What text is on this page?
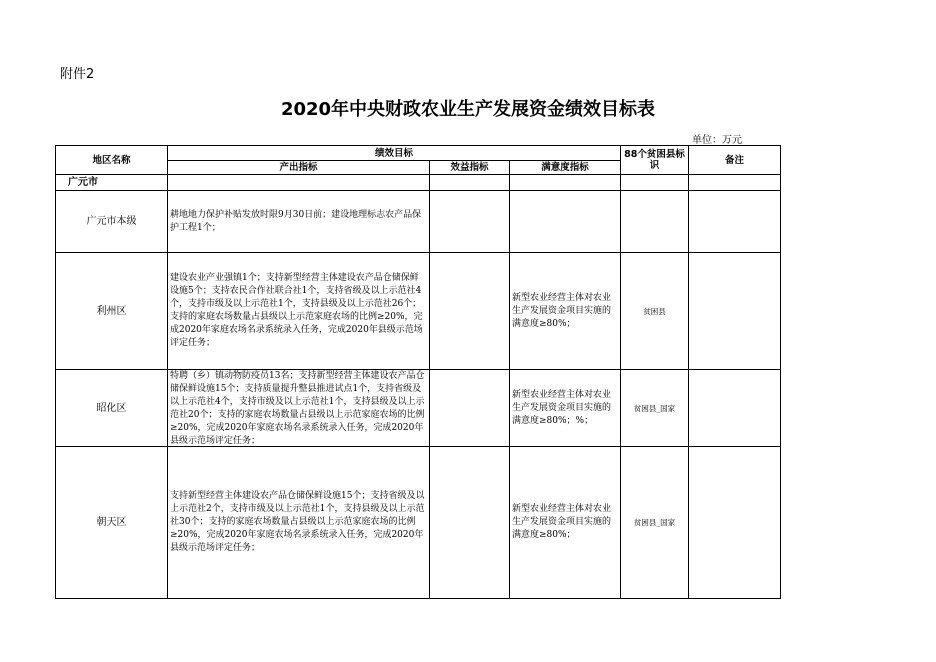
附件2
2020年中央财政农业生产发展资金绩效目标表
单位：万元
地区名称	绩效目标			88个贫困县标识	备注
	产出指标	效益指标	满意度指标		
广元市					
广元市本级	耕地地力保护补贴发放时限9月30日前；建设地理标志农产品保护工程1个；				
利州区	建设农业产业强镇1个；支持新型经营主体建设农产品仓储保鲜设施5个；支持农民合作社联合社1个，支持省级及以上示范社4个，支持市级及以上示范社1个，支持县级及以上示范社26个；支持的家庭农场数量占县级以上示范家庭农场的比例≥20%，完成2020年家庭农场名录系统录入任务，完成2020年县级示范场评定任务；		新型农业经营主体对农业生产发展资金项目实施的满意度≥80%；	贫困县	
昭化区	特聘（乡）镇动物防疫员13名；支持新型经营主体建设农产品仓储保鲜设施15个；支持质量提升整县推进试点1个，支持省级及以上示范社4个，支持市级及以上示范社1个，支持县级及以上示范社20个；支持的家庭农场数量占县级以上示范家庭农场的比例≥20%，完成2020年家庭农场名录系统录入任务，完成2020年县级示范场评定任务；		新型农业经营主体对农业生产发展资金项目实施的满意度≥80%；%；	贫困县_国家	
朝天区	支持新型经营主体建设农产品仓储保鲜设施15个；支持省级及以上示范社2个，支持市级及以上示范社1个，支持县级及以上示范社30个；支持的家庭农场数量占县级以上示范家庭农场的比例≥20%，完成2020年家庭农场名录系统录入任务，完成2020年县级示范场评定任务；		新型农业经营主体对农业生产发展资金项目实施的满意度≥80%；	贫困县_国家	
